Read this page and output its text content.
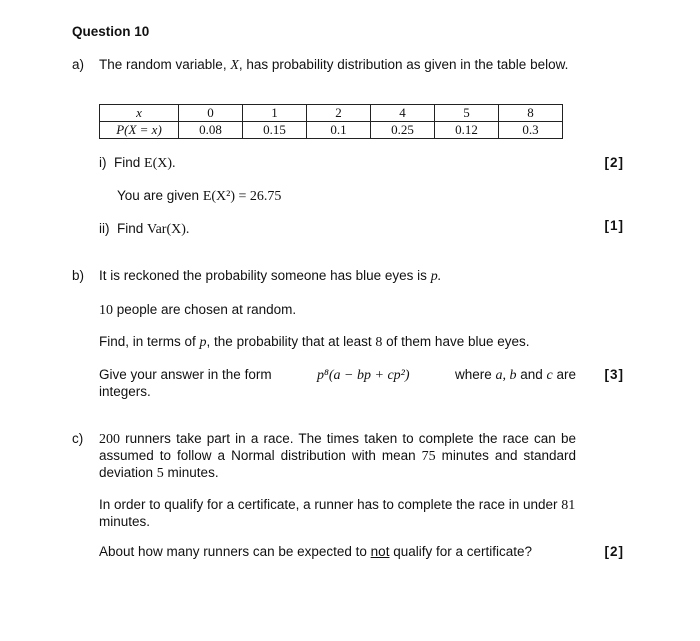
Question 10
a) The random variable, X, has probability distribution as given in the table below.
x	0	1	2	4	5	8
P(X = x)	0.08	0.15	0.1	0.25	0.12	0.3
i) Find E(X).	[2]
You are given E(X²) = 26.75
ii) Find Var(X).	[1]
b) It is reckoned the probability someone has blue eyes is p.
10 people are chosen at random.
Find, in terms of p, the probability that at least 8 of them have blue eyes.
Give your answer in the form	p⁸(a − bp + cp²)	where a, b and c are
integers.
[3]
c) 200 runners take part in a race. The times taken to complete the race can be assumed to follow a Normal distribution with mean 75 minutes and standard deviation 5 minutes.
In order to qualify for a certificate, a runner has to complete the race in under 81 minutes.
About how many runners can be expected to not qualify for a certificate?	[2]
